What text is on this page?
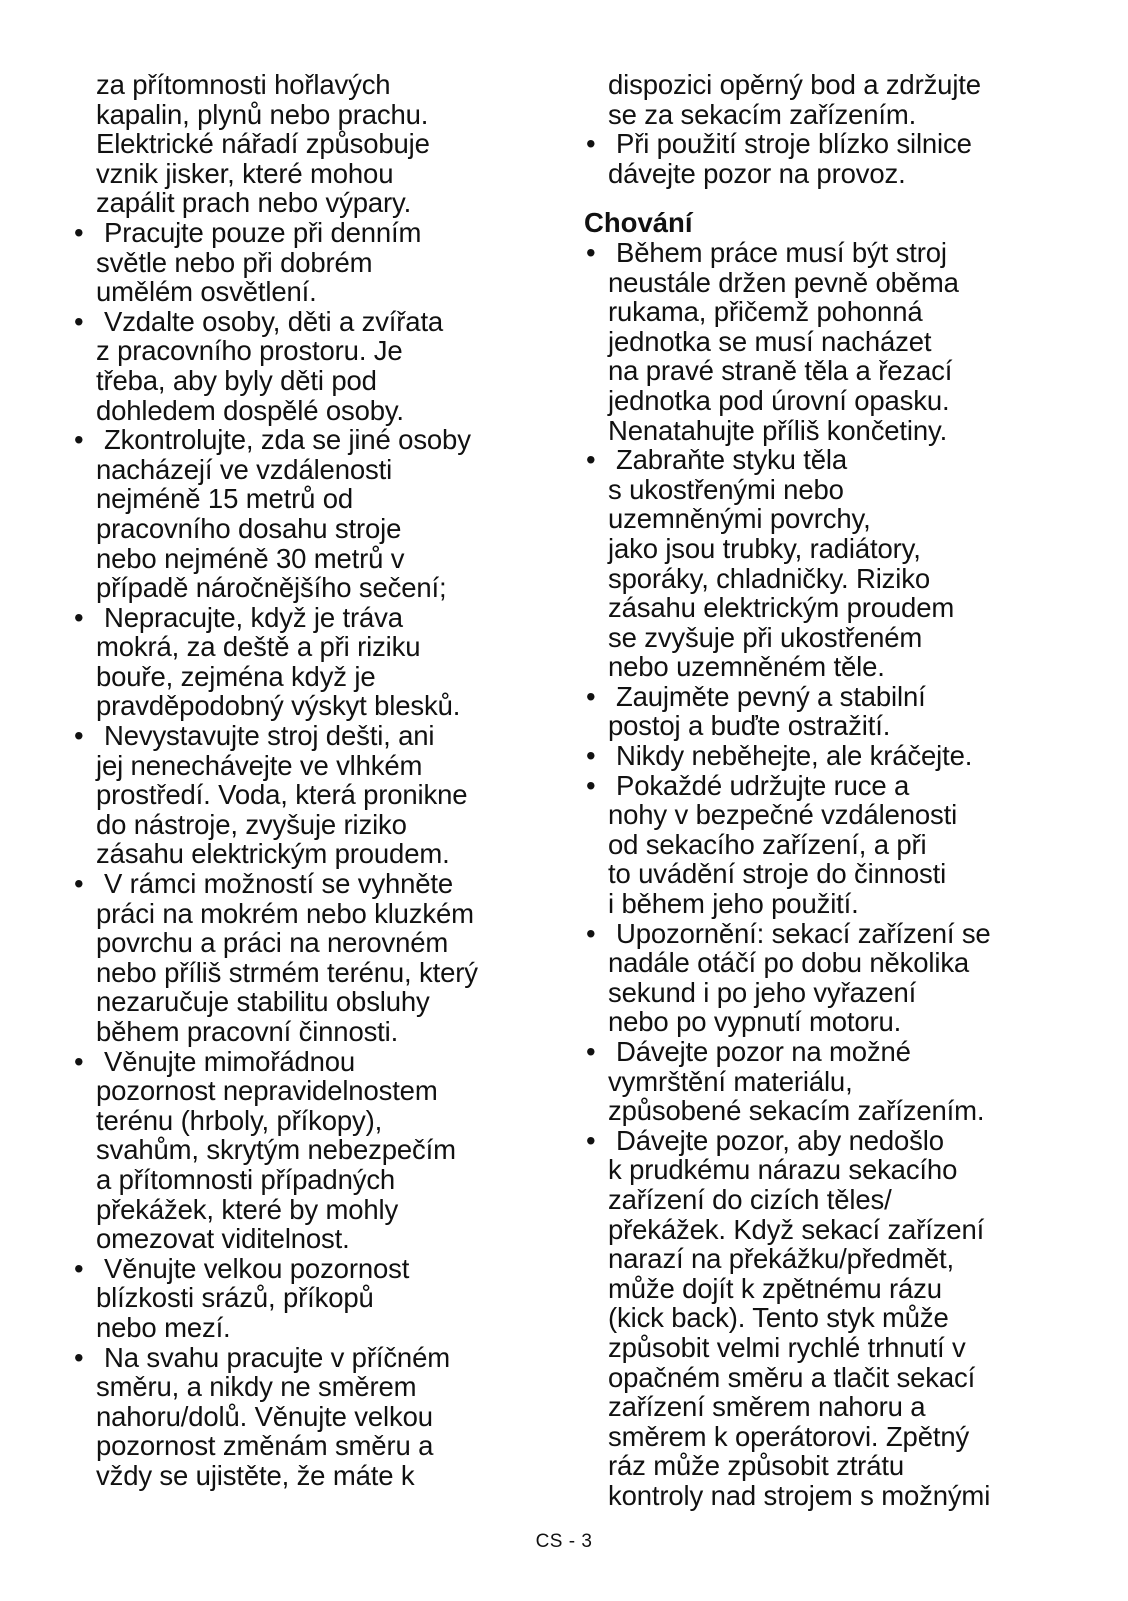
za přítomnosti hořlavých
kapalin, plynů nebo prachu.
Elektrické nářadí způsobuje
vznik jisker, které mohou
zapálit prach nebo výpary.
• Pracujte pouze při denním
světle nebo při dobrém
umělém osvětlení.
• Vzdalte osoby, děti a zvířata
z pracovního prostoru. Je
třeba, aby byly děti pod
dohledem dospělé osoby.
• Zkontrolujte, zda se jiné osoby
nacházejí ve vzdálenosti
nejméně 15 metrů od
pracovního dosahu stroje
nebo nejméně 30 metrů v
případě náročnějšího sečení;
• Nepracujte, když je tráva
mokrá, za deště a při riziku
bouře, zejména když je
pravděpodobný výskyt blesků.
• Nevystavujte stroj dešti, ani
jej nenechávejte ve vlhkém
prostředí. Voda, která pronikne
do nástroje, zvyšuje riziko
zásahu elektrickým proudem.
• V rámci možností se vyhněte
práci na mokrém nebo kluzkém
povrchu a práci na nerovném
nebo příliš strmém terénu, který
nezaručuje stabilitu obsluhy
během pracovní činnosti.
• Věnujte mimořádnou
pozornost nepravidelnostem
terénu (hrboly, příkopy),
svahům, skrytým nebezpečím
a přítomnosti případných
překážek, které by mohly
omezovat viditelnost.
• Věnujte velkou pozornost
blízkosti srázů, příkopů
nebo mezí.
• Na svahu pracujte v příčném
směru, a nikdy ne směrem
nahoru/dolů. Věnujte velkou
pozornost změnám směru a
vždy se ujistěte, že máte k
dispozici opěrný bod a zdržujte
se za sekacím zařízením.
• Při použití stroje blízko silnice
dávejte pozor na provoz.
Chování
• Během práce musí být stroj
neustále držen pevně oběma
rukama, přičemž pohonná
jednotka se musí nacházet
na pravé straně těla a řezací
jednotka pod úrovní opasku.
Nenatahujte příliš končetiny.
• Zabraňte styku těla
s ukostřenými nebo
uzemněnými povrchy,
jako jsou trubky, radiátory,
sporáky, chladničky. Riziko
zásahu elektrickým proudem
se zvyšuje při ukostřeném
nebo uzemněném těle.
• Zaujměte pevný a stabilní
postoj a buďte ostražití.
• Nikdy neběhejte, ale kráčejte.
• Pokaždé udržujte ruce a
nohy v bezpečné vzdálenosti
od sekacího zařízení, a při
to uvádění stroje do činnosti
i během jeho použití.
• Upozornění: sekací zařízení se
nadále otáčí po dobu několika
sekund i po jeho vyřazení
nebo po vypnutí motoru.
• Dávejte pozor na možné
vymrštění materiálu,
způsobené sekacím zařízením.
• Dávejte pozor, aby nedošlo
k prudkému nárazu sekacího
zařízení do cizích těles/
překážek. Když sekací zařízení
narazí na překážku/předmět,
může dojít k zpětnému rázu
(kick back). Tento styk může
způsobit velmi rychlé trhnutí v
opačném směru a tlačit sekací
zařízení směrem nahoru a
směrem k operátorovi. Zpětný
ráz může způsobit ztrátu
kontroly nad strojem s možnými
CS - 3
